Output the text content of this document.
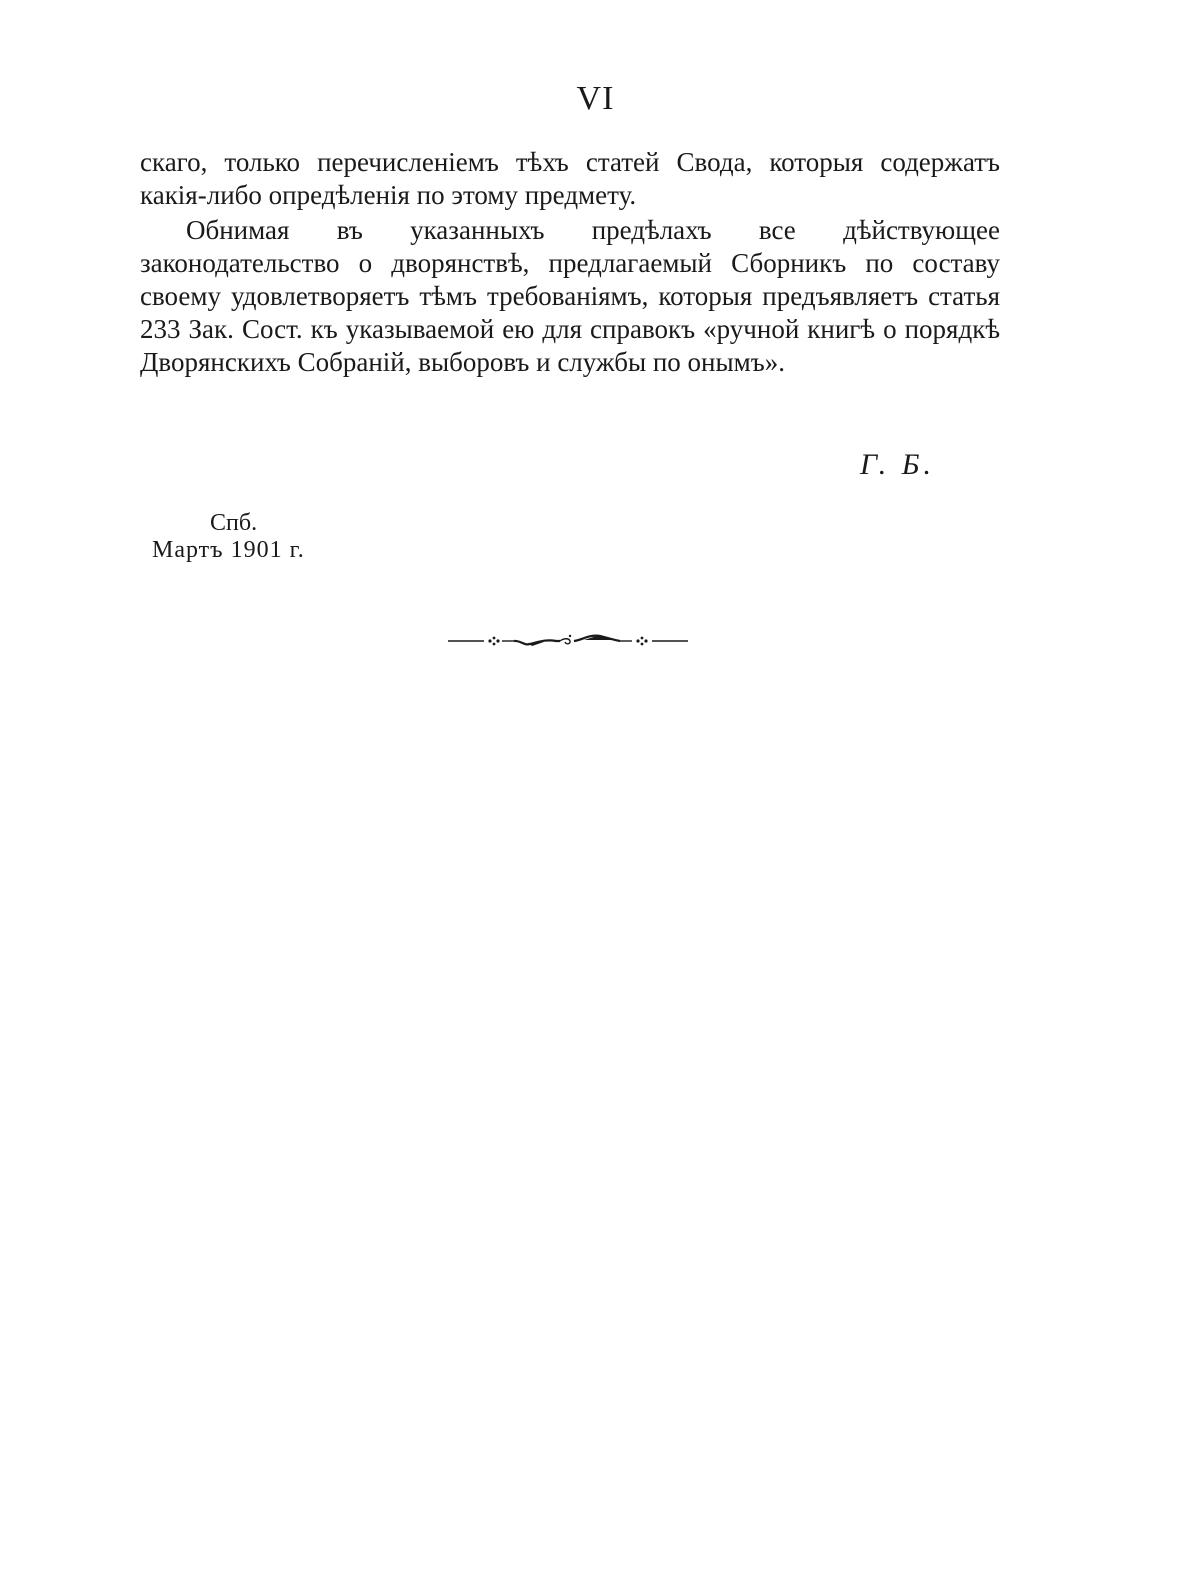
VI

скаго, только перечисленіемъ тѣхъ статей Свода, которыя содержатъ какія-либо опредѣленія по этому предмету.

Обнимая въ указанныхъ предѣлахъ все дѣйствующее законодательство о дворянствѣ, предлагаемый Сборникъ по составу своему удовлетворяетъ тѣмъ требованіямъ, которыя предъявляетъ статья 233 Зак. Сост. къ указываемой ею для справокъ «ручной книгѣ о порядкѣ Дворянскихъ Собраній, выборовъ и службы по онымъ».

Г. Б.
Спб.
Мартъ 1901 г.
